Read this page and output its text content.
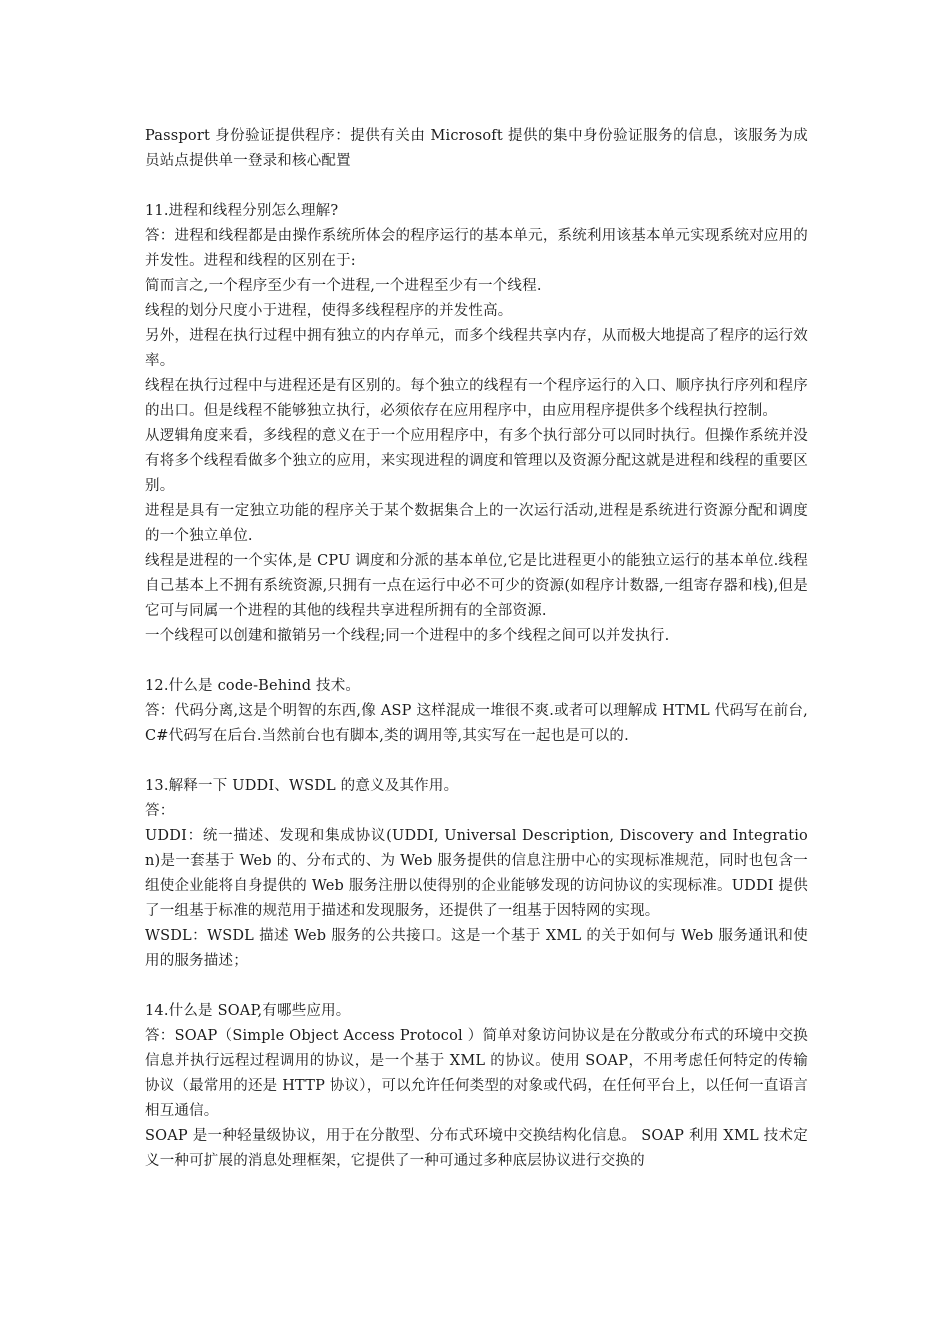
Passport 身份验证提供程序：提供有关由 Microsoft 提供的集中身份验证服务的信息，该服务为成员站点提供单一登录和核心配置

11.进程和线程分别怎么理解?

答：进程和线程都是由操作系统所体会的程序运行的基本单元，系统利用该基本单元实现系统对应用的并发性。进程和线程的区别在于:

简而言之,一个程序至少有一个进程,一个进程至少有一个线程.

线程的划分尺度小于进程，使得多线程程序的并发性高。

另外，进程在执行过程中拥有独立的内存单元，而多个线程共享内存，从而极大地提高了程序的运行效率。

线程在执行过程中与进程还是有区别的。每个独立的线程有一个程序运行的入口、顺序执行序列和程序的出口。但是线程不能够独立执行，必须依存在应用程序中，由应用程序提供多个线程执行控制。

从逻辑角度来看，多线程的意义在于一个应用程序中，有多个执行部分可以同时执行。但操作系统并没有将多个线程看做多个独立的应用，来实现进程的调度和管理以及资源分配这就是进程和线程的重要区别。

进程是具有一定独立功能的程序关于某个数据集合上的一次运行活动,进程是系统进行资源分配和调度的一个独立单位.

线程是进程的一个实体,是 CPU 调度和分派的基本单位,它是比进程更小的能独立运行的基本单位.线程自己基本上不拥有系统资源,只拥有一点在运行中必不可少的资源(如程序计数器,一组寄存器和栈),但是它可与同属一个进程的其他的线程共享进程所拥有的全部资源.

一个线程可以创建和撤销另一个线程;同一个进程中的多个线程之间可以并发执行.

12.什么是 code-Behind 技术。

答：代码分离,这是个明智的东西,像 ASP 这样混成一堆很不爽.或者可以理解成 HTML 代码写在前台,C#代码写在后台.当然前台也有脚本,类的调用等,其实写在一起也是可以的.

13.解释一下 UDDI、WSDL 的意义及其作用。

答：

UDDI：统一描述、发现和集成协议(UDDI, Universal Description, Discovery and Integration)是一套基于 Web 的、分布式的、为 Web 服务提供的信息注册中心的实现标准规范，同时也包含一组使企业能将自身提供的 Web 服务注册以使得别的企业能够发现的访问协议的实现标准。UDDI 提供了一组基于标准的规范用于描述和发现服务，还提供了一组基于因特网的实现。

WSDL：WSDL 描述 Web 服务的公共接口。这是一个基于 XML 的关于如何与 Web 服务通讯和使用的服务描述；

14.什么是 SOAP,有哪些应用。

答：SOAP（Simple Object Access Protocol ）简单对象访问协议是在分散或分布式的环境中交换信息并执行远程过程调用的协议，是一个基于 XML 的协议。使用 SOAP，不用考虑任何特定的传输协议（最常用的还是 HTTP 协议），可以允许任何类型的对象或代码，在任何平台上，以任何一直语言相互通信。

SOAP 是一种轻量级协议，用于在分散型、分布式环境中交换结构化信息。 SOAP 利用 XML 技术定义一种可扩展的消息处理框架，它提供了一种可通过多种底层协议进行交换的
